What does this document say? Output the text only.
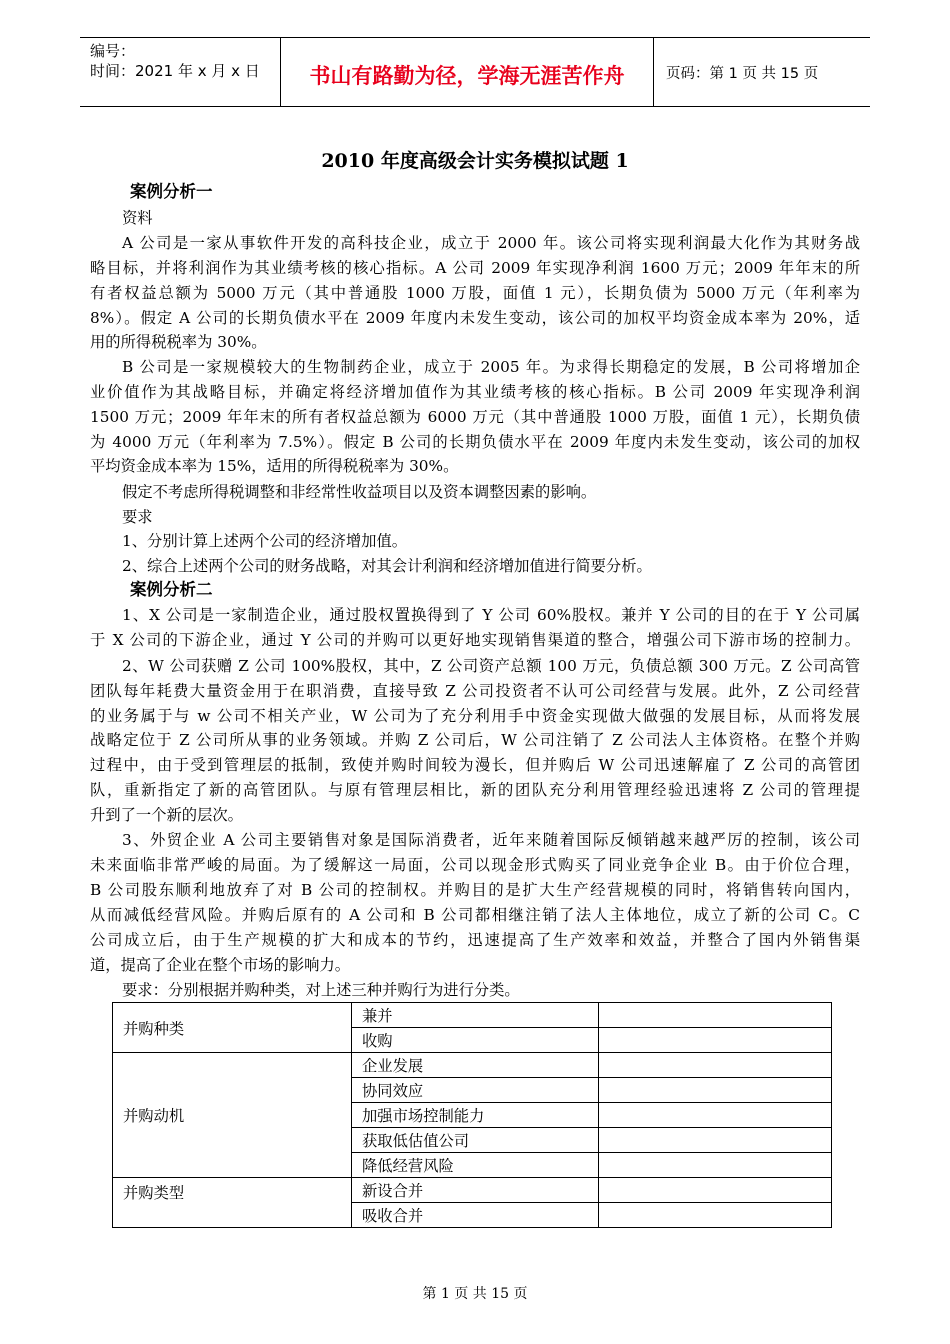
编号：
时间：2021 年 x 月 x 日	书山有路勤为径，学海无涯苦作舟	页码：第 1 页 共 15 页
2010 年度高级会计实务模拟试题 1
案例分析一
资料
A 公司是一家从事软件开发的高科技企业，成立于 2000 年。该公司将实现利润最大化作为其财务战
略目标，并将利润作为其业绩考核的核心指标。A 公司 2009 年实现净利润 1600 万元；2009 年年末的所
有者权益总额为 5000 万元（其中普通股 1000 万股，面值 1 元），长期负债为 5000 万元（年利率为
8%）。假定 A 公司的长期负债水平在 2009 年度内未发生变动，该公司的加权平均资金成本率为 20%，适
用的所得税税率为 30%。
B 公司是一家规模较大的生物制药企业，成立于 2005 年。为求得长期稳定的发展，B 公司将增加企
业价值作为其战略目标，并确定将经济增加值作为其业绩考核的核心指标。B 公司 2009 年实现净利润
1500 万元；2009 年年末的所有者权益总额为 6000 万元（其中普通股 1000 万股，面值 1 元），长期负债
为 4000 万元（年利率为 7.5%）。假定 B 公司的长期负债水平在 2009 年度内未发生变动，该公司的加权
平均资金成本率为 15%，适用的所得税税率为 30%。
假定不考虑所得税调整和非经常性收益项目以及资本调整因素的影响。
要求
1、分别计算上述两个公司的经济增加值。
2、综合上述两个公司的财务战略，对其会计利润和经济增加值进行简要分析。
案例分析二
1、X 公司是一家制造企业，通过股权置换得到了 Y 公司 60%股权。兼并 Y 公司的目的在于 Y 公司属
于 X 公司的下游企业，通过 Y 公司的并购可以更好地实现销售渠道的整合，增强公司下游市场的控制力。
2、W 公司获赠 Z 公司 100%股权，其中，Z 公司资产总额 100 万元，负债总额 300 万元。Z 公司高管
团队每年耗费大量资金用于在职消费，直接导致 Z 公司投资者不认可公司经营与发展。此外，Z 公司经营
的业务属于与 w 公司不相关产业，W 公司为了充分利用手中资金实现做大做强的发展目标，从而将发展
战略定位于 Z 公司所从事的业务领域。并购 Z 公司后，W 公司注销了 Z 公司法人主体资格。在整个并购
过程中，由于受到管理层的抵制，致使并购时间较为漫长，但并购后 W 公司迅速解雇了 Z 公司的高管团
队，重新指定了新的高管团队。与原有管理层相比，新的团队充分利用管理经验迅速将 Z 公司的管理提
升到了一个新的层次。
3、外贸企业 A 公司主要销售对象是国际消费者，近年来随着国际反倾销越来越严厉的控制，该公司
未来面临非常严峻的局面。为了缓解这一局面，公司以现金形式购买了同业竞争企业 B。由于价位合理，
B 公司股东顺利地放弃了对 B 公司的控制权。并购目的是扩大生产经营规模的同时，将销售转向国内，
从而减低经营风险。并购后原有的 A 公司和 B 公司都相继注销了法人主体地位，成立了新的公司 C。C
公司成立后，由于生产规模的扩大和成本的节约，迅速提高了生产效率和效益，并整合了国内外销售渠
道，提高了企业在整个市场的影响力。
要求：分别根据并购种类，对上述三种并购行为进行分类。
并购种类	兼并	
	收购	
并购动机	企业发展	
	协同效应	
	加强市场控制能力	
	获取低估值公司	
	降低经营风险	
并购类型	新设合并	
	吸收合并	
第 1 页 共 15 页
